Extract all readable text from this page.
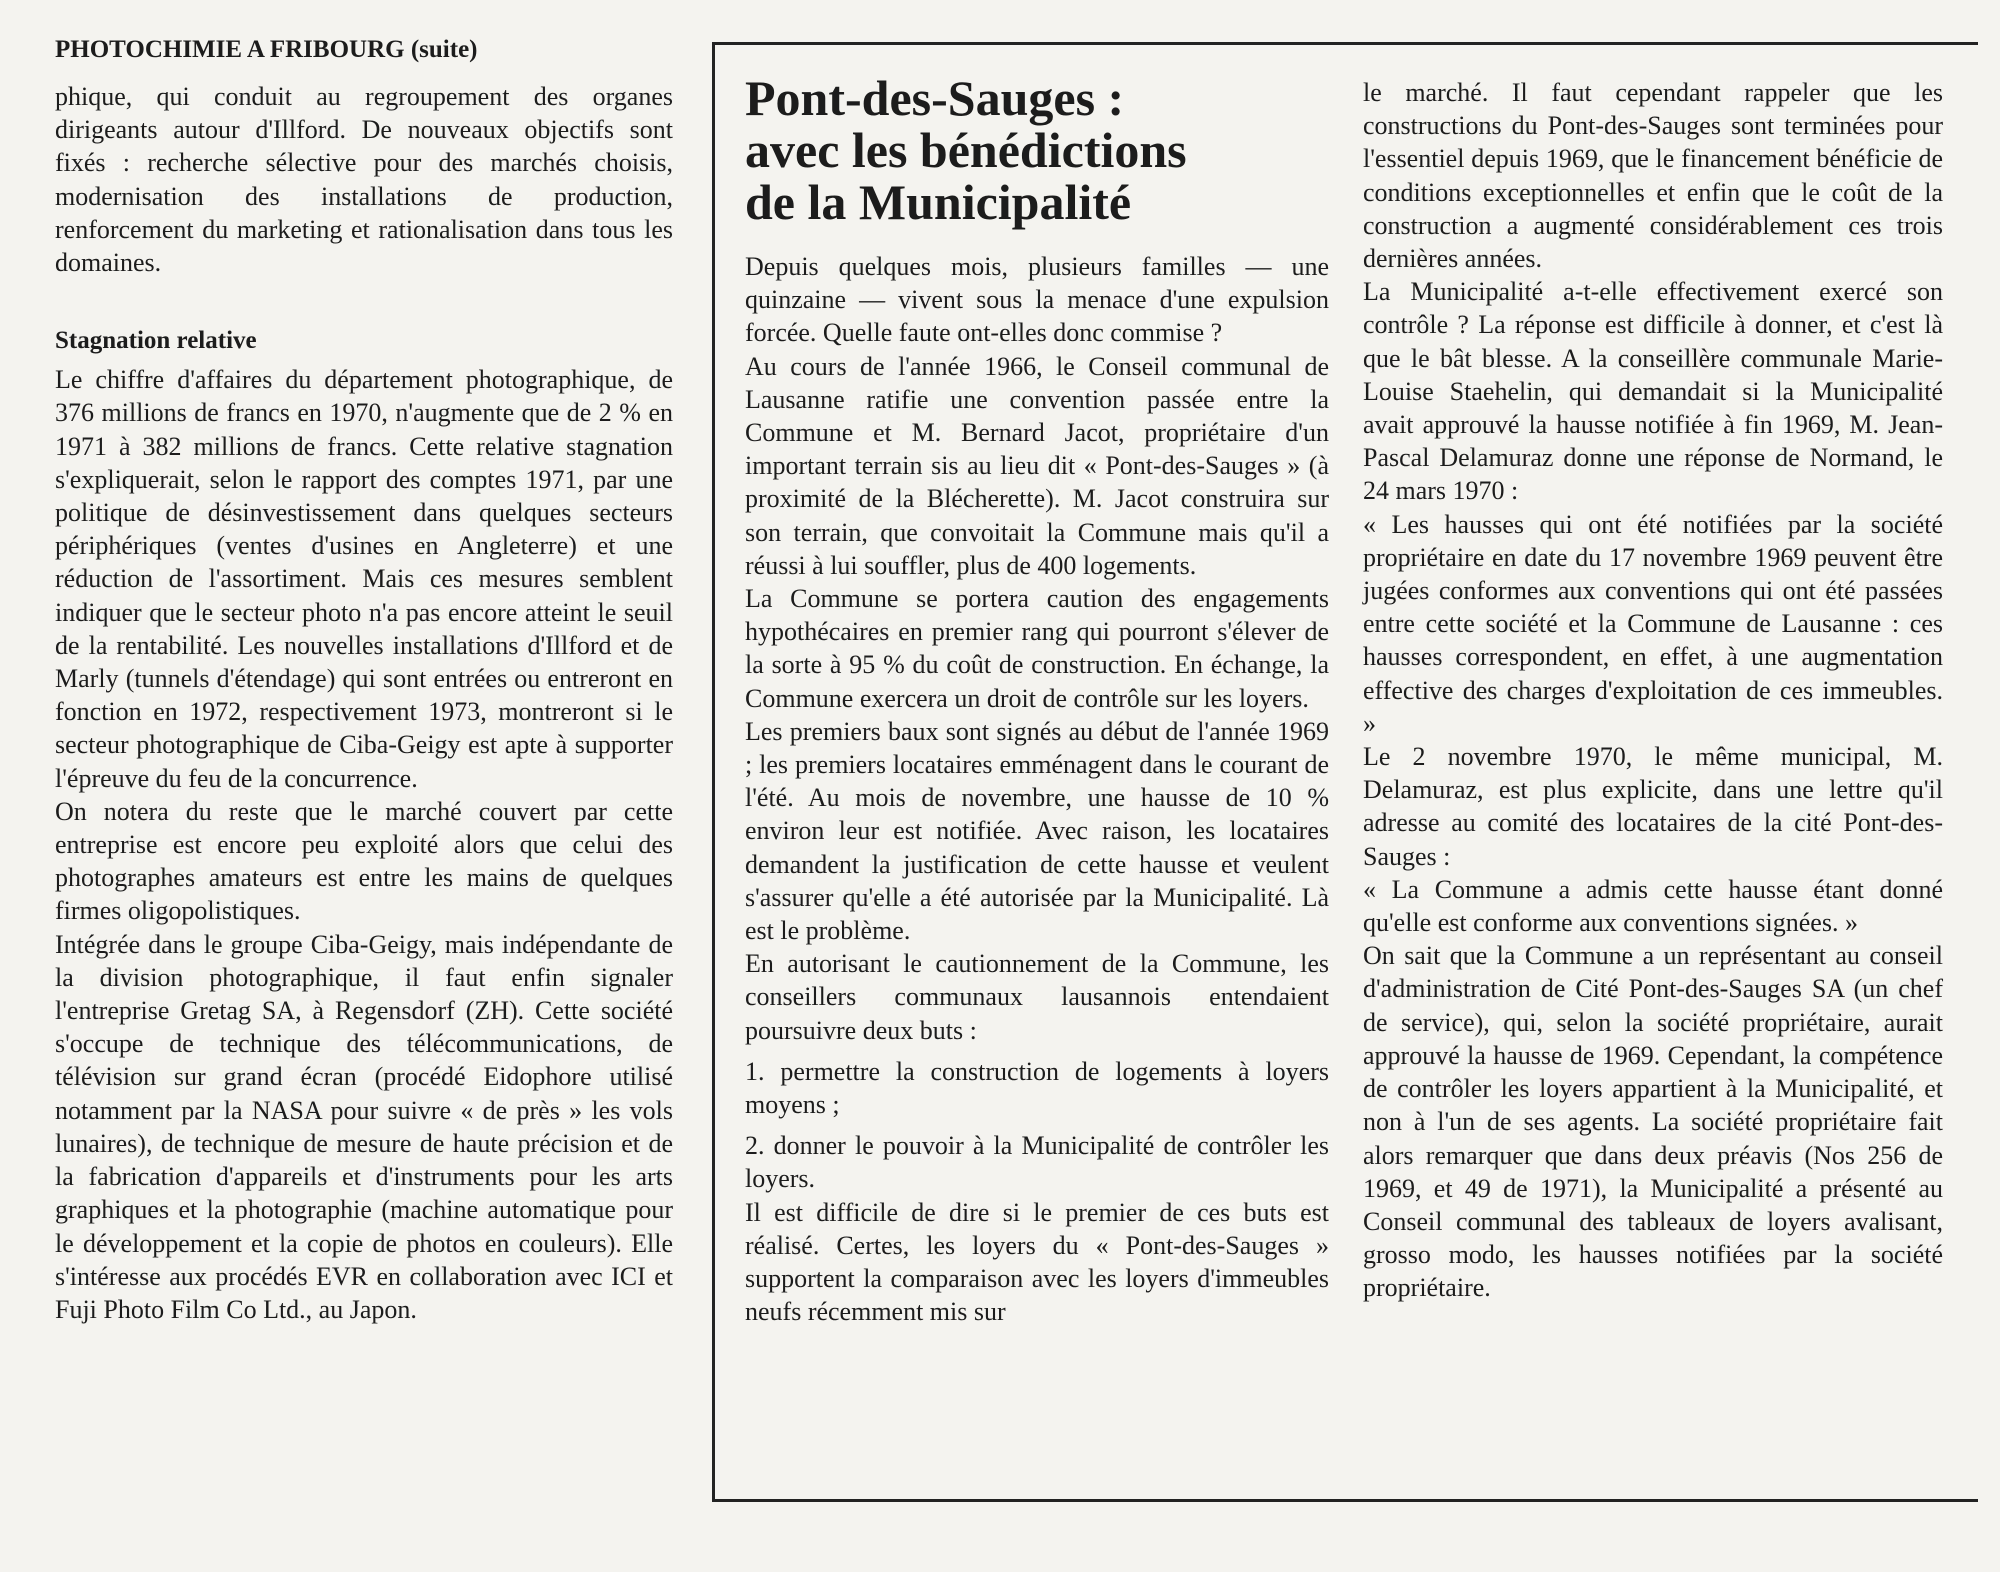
PHOTOCHIMIE A FRIBOURG (suite)

phique, qui conduit au regroupement des organes dirigeants autour d'Illford. De nouveaux objectifs sont fixés : recherche sélective pour des marchés choisis, modernisation des installations de production, renforcement du marketing et rationalisation dans tous les domaines.

Stagnation relative

Le chiffre d'affaires du département photographique, de 376 millions de francs en 1970, n'augmente que de 2 % en 1971 à 382 millions de francs. Cette relative stagnation s'expliquerait, selon le rapport des comptes 1971, par une politique de désinvestissement dans quelques secteurs périphériques (ventes d'usines en Angleterre) et une réduction de l'assortiment. Mais ces mesures semblent indiquer que le secteur photo n'a pas encore atteint le seuil de la rentabilité. Les nouvelles installations d'Illford et de Marly (tunnels d'étendage) qui sont entrées ou entreront en fonction en 1972, respectivement 1973, montreront si le secteur photographique de Ciba-Geigy est apte à supporter l'épreuve du feu de la concurrence.

On notera du reste que le marché couvert par cette entreprise est encore peu exploité alors que celui des photographes amateurs est entre les mains de quelques firmes oligopolistiques.

Intégrée dans le groupe Ciba-Geigy, mais indépendante de la division photographique, il faut enfin signaler l'entreprise Gretag SA, à Regensdorf (ZH). Cette société s'occupe de technique des télécommunications, de télévision sur grand écran (procédé Eidophore utilisé notamment par la NASA pour suivre « de près » les vols lunaires), de technique de mesure de haute précision et de la fabrication d'appareils et d'instruments pour les arts graphiques et la photographie (machine automatique pour le développement et la copie de photos en couleurs). Elle s'intéresse aux procédés EVR en collaboration avec ICI et Fuji Photo Film Co Ltd., au Japon.

Pont-des-Sauges :
avec les bénédictions
de la Municipalité

Depuis quelques mois, plusieurs familles — une quinzaine — vivent sous la menace d'une expulsion forcée. Quelle faute ont-elles donc commise ?

Au cours de l'année 1966, le Conseil communal de Lausanne ratifie une convention passée entre la Commune et M. Bernard Jacot, propriétaire d'un important terrain sis au lieu dit « Pont-des-Sauges » (à proximité de la Blécherette). M. Jacot construira sur son terrain, que convoitait la Commune mais qu'il a réussi à lui souffler, plus de 400 logements.

La Commune se portera caution des engagements hypothécaires en premier rang qui pourront s'élever de la sorte à 95 % du coût de construction. En échange, la Commune exercera un droit de contrôle sur les loyers.

Les premiers baux sont signés au début de l'année 1969 ; les premiers locataires emménagent dans le courant de l'été. Au mois de novembre, une hausse de 10 % environ leur est notifiée. Avec raison, les locataires demandent la justification de cette hausse et veulent s'assurer qu'elle a été autorisée par la Municipalité. Là est le problème.

En autorisant le cautionnement de la Commune, les conseillers communaux lausannois entendaient poursuivre deux buts :

1. permettre la construction de logements à loyers moyens ;

2. donner le pouvoir à la Municipalité de contrôler les loyers.

Il est difficile de dire si le premier de ces buts est réalisé. Certes, les loyers du « Pont-des-Sauges » supportent la comparaison avec les loyers d'immeubles neufs récemment mis sur

le marché. Il faut cependant rappeler que les constructions du Pont-des-Sauges sont terminées pour l'essentiel depuis 1969, que le financement bénéficie de conditions exceptionnelles et enfin que le coût de la construction a augmenté considérablement ces trois dernières années.

La Municipalité a-t-elle effectivement exercé son contrôle ? La réponse est difficile à donner, et c'est là que le bât blesse. A la conseillère communale Marie-Louise Staehelin, qui demandait si la Municipalité avait approuvé la hausse notifiée à fin 1969, M. Jean-Pascal Delamuraz donne une réponse de Normand, le 24 mars 1970 :

« Les hausses qui ont été notifiées par la société propriétaire en date du 17 novembre 1969 peuvent être jugées conformes aux conventions qui ont été passées entre cette société et la Commune de Lausanne : ces hausses correspondent, en effet, à une augmentation effective des charges d'exploitation de ces immeubles. »

Le 2 novembre 1970, le même municipal, M. Delamuraz, est plus explicite, dans une lettre qu'il adresse au comité des locataires de la cité Pont-des-Sauges :

« La Commune a admis cette hausse étant donné qu'elle est conforme aux conventions signées. »

On sait que la Commune a un représentant au conseil d'administration de Cité Pont-des-Sauges SA (un chef de service), qui, selon la société propriétaire, aurait approuvé la hausse de 1969. Cependant, la compétence de contrôler les loyers appartient à la Municipalité, et non à l'un de ses agents. La société propriétaire fait alors remarquer que dans deux préavis (Nos 256 de 1969, et 49 de 1971), la Municipalité a présenté au Conseil communal des tableaux de loyers avalisant, grosso modo, les hausses notifiées par la société propriétaire.
